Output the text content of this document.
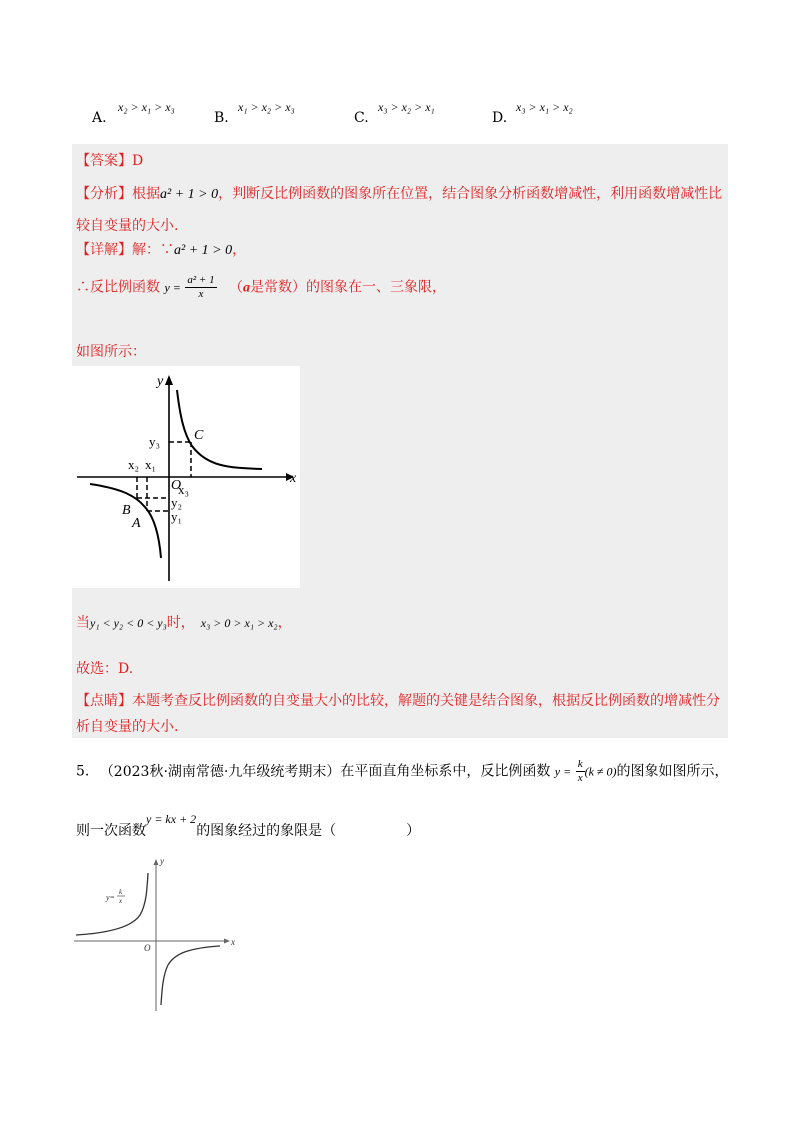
A.
x₂ > x₁ > x₃
B.
x₁ > x₂ > x₃
C.
x₃ > x₂ > x₁
D.
x₃ > x₁ > x₂
【答案】D
【分析】根据a² + 1 > 0，判断反比例函数的图象所在位置，结合图象分析函数增减性，利用函数增减性比
较自变量的大小.
【详解】解：∵a² + 1 > 0，
∴反比例函数 $y = \frac{\text{a² + 1}}{x} (a$是常数）的图象在一、三象限，
如图所示：
x
y
O
x₂ x₁
x₃
y₃
y₂
y₁
C
B
A
当y₁ < y₂ < 0 < y₃时， x₃ > 0 > x₁ > x₂，
故选：D.
【点睛】本题考查反比例函数的自变量大小的比较，解题的关键是结合图象，根据反比例函数的增减性分
析自变量的大小.
5. （2023秋·湖南常德·九年级统考期末）在平面直角坐标系中，反比例函数 $y = \frac{k}{x} (k \ne 0)$的图象如图所示，
则一次函数y = kx + 2的图象经过的象限是（　　　　　）
x
y
O
y=
k
x
